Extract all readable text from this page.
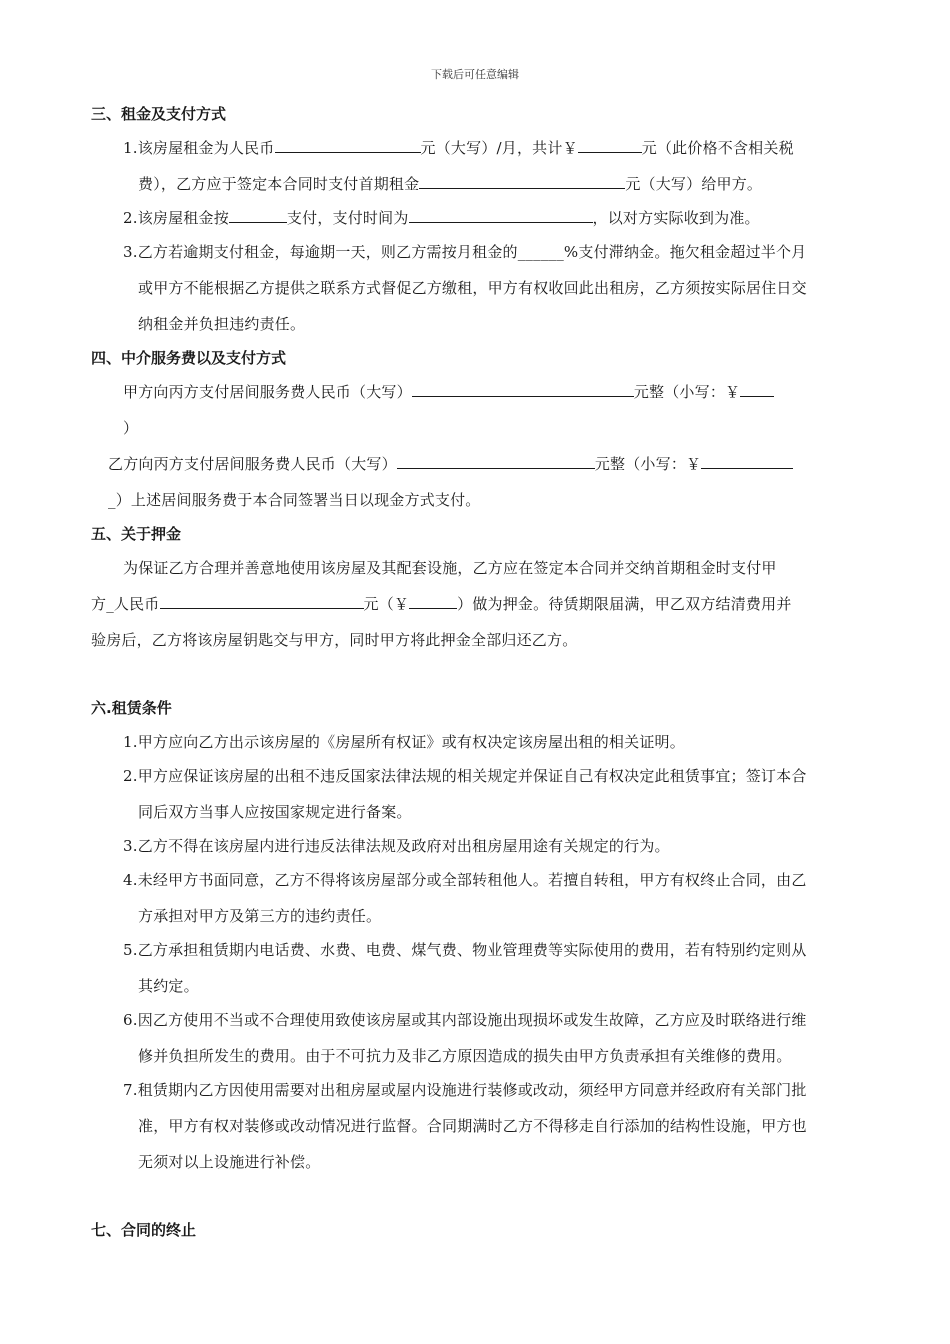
下载后可任意编辑
三、租金及支付方式
1.该房屋租金为人民币	元（大写）/月，共计￥	元（此价格不含相关税
费），乙方应于签定本合同时支付首期租金	元（大写）给甲方。
2.该房屋租金按	支付，支付时间为	，以对方实际收到为准。
3.乙方若逾期支付租金，每逾期一天，则乙方需按月租金的______%支付滞纳金。拖欠租金超过半个月
或甲方不能根据乙方提供之联系方式督促乙方缴租，甲方有权收回此出租房，乙方须按实际居住日交
纳租金并负担违约责任。
四、中介服务费以及支付方式
甲方向丙方支付居间服务费人民币（大写）	元整（小写：￥
）
乙方向丙方支付居间服务费人民币（大写）	元整（小写：￥
_）上述居间服务费于本合同签署当日以现金方式支付。
五、关于押金
为保证乙方合理并善意地使用该房屋及其配套设施，乙方应在签定本合同并交纳首期租金时支付甲
方_人民币	元（￥	）做为押金。待赁期限届满，甲乙双方结清费用并
验房后，乙方将该房屋钥匙交与甲方，同时甲方将此押金全部归还乙方。
六.租赁条件
1.甲方应向乙方出示该房屋的《房屋所有权证》或有权决定该房屋出租的相关证明。
2.甲方应保证该房屋的出租不违反国家法律法规的相关规定并保证自己有权决定此租赁事宜；签订本合
同后双方当事人应按国家规定进行备案。
3.乙方不得在该房屋内进行违反法律法规及政府对出租房屋用途有关规定的行为。
4.未经甲方书面同意，乙方不得将该房屋部分或全部转租他人。若擅自转租，甲方有权终止合同，由乙
方承担对甲方及第三方的违约责任。
5.乙方承担租赁期内电话费、水费、电费、煤气费、物业管理费等实际使用的费用，若有特别约定则从
其约定。
6.因乙方使用不当或不合理使用致使该房屋或其内部设施出现损坏或发生故障，乙方应及时联络进行维
修并负担所发生的费用。由于不可抗力及非乙方原因造成的损失由甲方负责承担有关维修的费用。
7.租赁期内乙方因使用需要对出租房屋或屋内设施进行装修或改动，须经甲方同意并经政府有关部门批
准，甲方有权对装修或改动情况进行监督。合同期满时乙方不得移走自行添加的结构性设施，甲方也
无须对以上设施进行补偿。
七、合同的终止
